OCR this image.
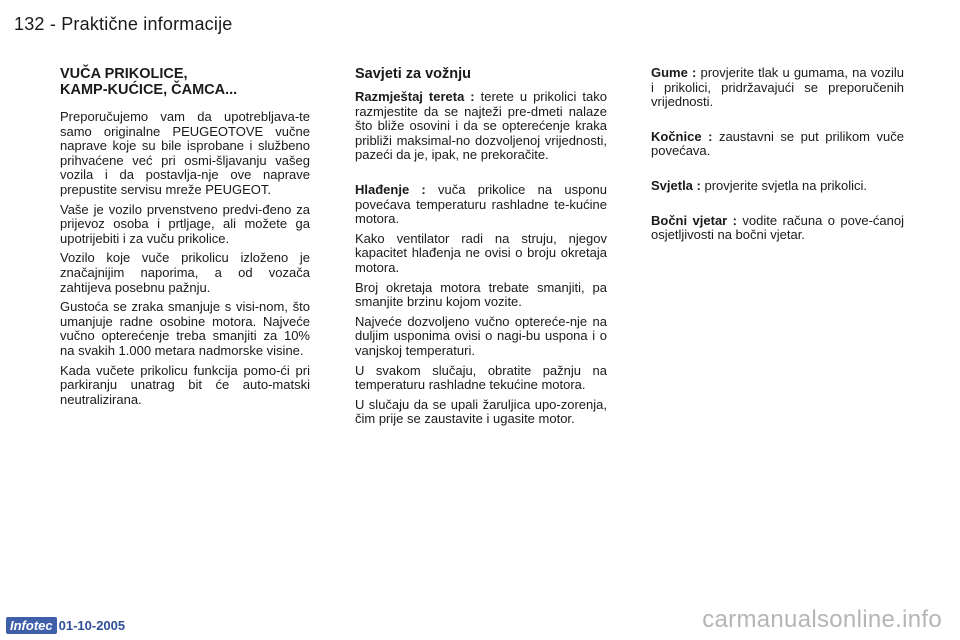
132 - Praktične informacije
VUČA PRIKOLICE,
KAMP-KUĆICE, ČAMCA...

Preporučujemo vam da upotrebljava-te samo originalne PEUGEOTOVE vučne naprave koje su bile isprobane i službeno prihvaćene već pri osmi-šljavanju vašeg vozila i da postavlja-nje ove naprave prepustite servisu mreže PEUGEOT.

Vaše je vozilo prvenstveno predvi-đeno za prijevoz osoba i prtljage, ali možete ga upotrijebiti i za vuču prikolice.

Vozilo koje vuče prikolicu izloženo je značajnijim naporima, a od vozača zahtijeva posebnu pažnju.

Gustoća se zraka smanjuje s visi-nom, što umanjuje radne osobine motora. Najveće vučno opterećenje treba smanjiti za 10% na svakih 1.000 metara nadmorske visine.

Kada vučete prikolicu funkcija pomo-ći pri parkiranju unatrag bit će auto-matski neutralizirana.

Savjeti za vožnju

Razmještaj tereta : terete u prikolici tako razmjestite da se najteži pre-dmeti nalaze što bliže osovini i da se opterećenje kraka približi maksimal-no dozvoljenoj vrijednosti, pazeći da je, ipak, ne prekoračite.

Hlađenje : vuča prikolice na usponu povećava temperaturu rashladne te-kućine motora.

Kako ventilator radi na struju, njegov kapacitet hlađenja ne ovisi o broju okretaja motora.

Broj okretaja motora trebate smanjiti, pa smanjite brzinu kojom vozite.

Najveće dozvoljeno vučno opterećе-nje na duljim usponima ovisi o nagi-bu uspona i o vanjskoj temperaturi.

U svakom slučaju, obratite pažnju na temperaturu rashladne tekućine motora.

U slučaju da se upali žaruljica upo-zorenja, čim prije se zaustavite i ugasite motor.

Gume : provjerite tlak u gumama, na vozilu i prikolici, pridržavajući se preporučenih vrijednosti.

Kočnice : zaustavni se put prilikom vuče povećava.

Svjetla : provjerite svjetla na prikolici.

Bočni vjetar : vodite računa o pove-ćanoj osjetljivosti na bočni vjetar.

Infotec 01-10-2005	carmanualsonline.info
